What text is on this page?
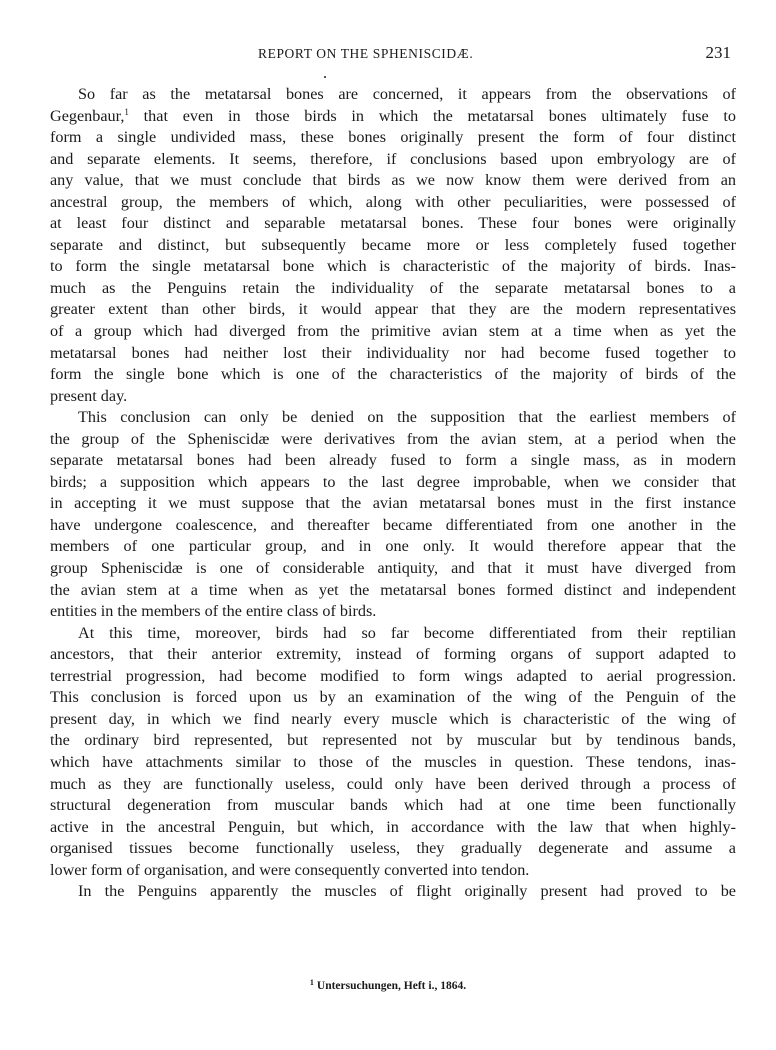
REPORT ON THE SPHENISCIDÆ.	231
So far as the metatarsal bones are concerned, it appears from the observations of
Gegenbaur,$^1$ that even in those birds in which the metatarsal bones ultimately fuse to
form a single undivided mass, these bones originally present the form of four distinct
and separate elements. It seems, therefore, if conclusions based upon embryology are of
any value, that we must conclude that birds as we now know them were derived from an
ancestral group, the members of which, along with other peculiarities, were possessed of
at least four distinct and separable metatarsal bones. These four bones were originally
separate and distinct, but subsequently became more or less completely fused together
to form the single metatarsal bone which is characteristic of the majority of birds. Inas-
much as the Penguins retain the individuality of the separate metatarsal bones to a
greater extent than other birds, it would appear that they are the modern representatives
of a group which had diverged from the primitive avian stem at a time when as yet the
metatarsal bones had neither lost their individuality nor had become fused together to
form the single bone which is one of the characteristics of the majority of birds of the
present day.
This conclusion can only be denied on the supposition that the earliest members of
the group of the Spheniscidæ were derivatives from the avian stem, at a period when the
separate metatarsal bones had been already fused to form a single mass, as in modern
birds; a supposition which appears to the last degree improbable, when we consider that
in accepting it we must suppose that the avian metatarsal bones must in the first instance
have undergone coalescence, and thereafter became differentiated from one another in the
members of one particular group, and in one only. It would therefore appear that the
group Spheniscidæ is one of considerable antiquity, and that it must have diverged from
the avian stem at a time when as yet the metatarsal bones formed distinct and independent
entities in the members of the entire class of birds.
At this time, moreover, birds had so far become differentiated from their reptilian
ancestors, that their anterior extremity, instead of forming organs of support adapted to
terrestrial progression, had become modified to form wings adapted to aerial progression.
This conclusion is forced upon us by an examination of the wing of the Penguin of the
present day, in which we find nearly every muscle which is characteristic of the wing of
the ordinary bird represented, but represented not by muscular but by tendinous bands,
which have attachments similar to those of the muscles in question. These tendons, inas-
much as they are functionally useless, could only have been derived through a process of
structural degeneration from muscular bands which had at one time been functionally
active in the ancestral Penguin, but which, in accordance with the law that when highly-
organised tissues become functionally useless, they gradually degenerate and assume a
lower form of organisation, and were consequently converted into tendon.
In the Penguins apparently the muscles of flight originally present had proved to be
$^1$ Untersuchungen, Heft i., 1864.
